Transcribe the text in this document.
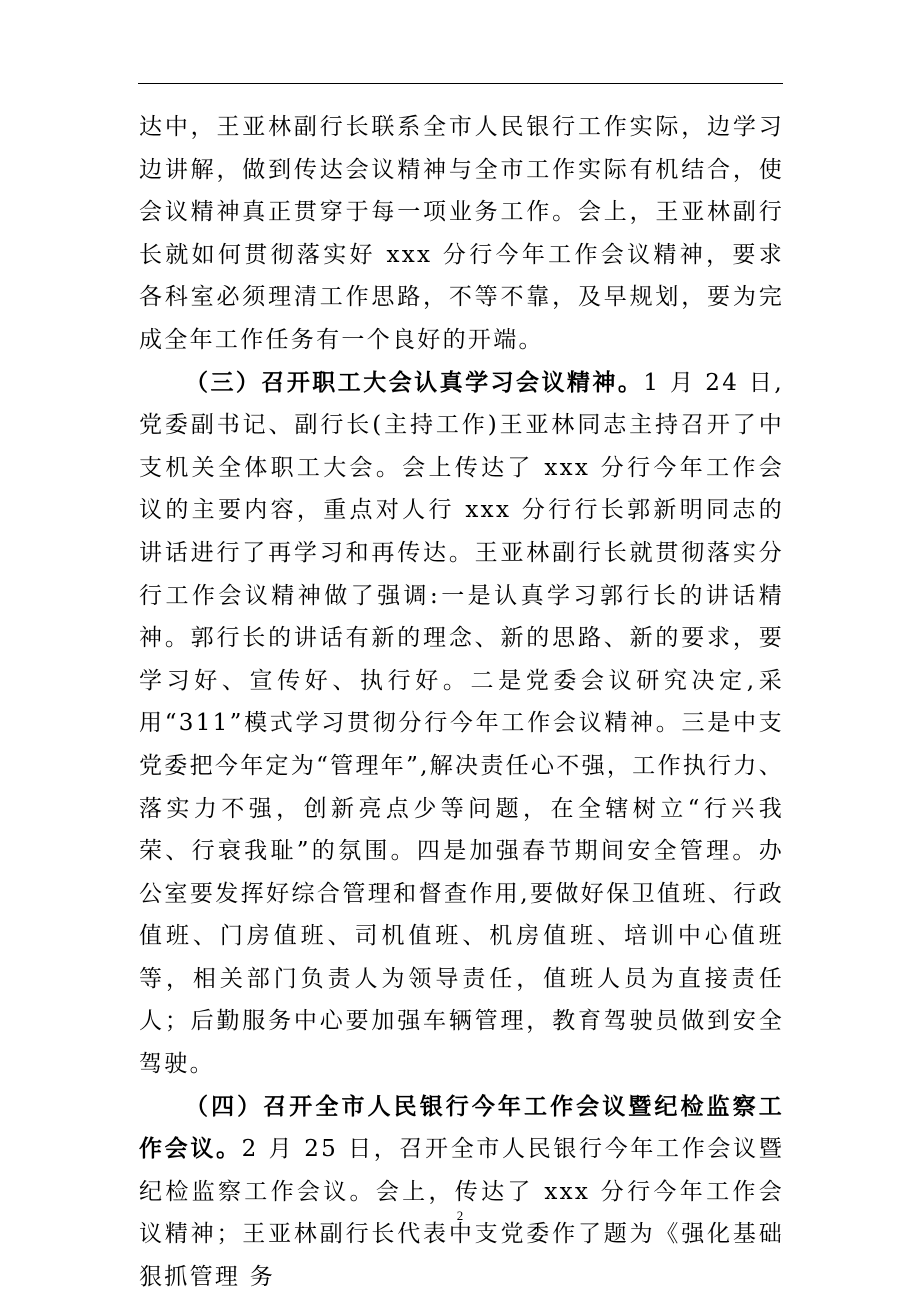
达中，王亚林副行长联系全市人民银行工作实际，边学习边讲解，做到传达会议精神与全市工作实际有机结合，使会议精神真正贯穿于每一项业务工作。会上，王亚林副行长就如何贯彻落实好 xxx 分行今年工作会议精神，要求各科室必须理清工作思路，不等不靠，及早规划，要为完成全年工作任务有一个良好的开端。

（三）召开职工大会认真学习会议精神。1 月 24 日,党委副书记、副行长(主持工作)王亚林同志主持召开了中支机关全体职工大会。会上传达了 xxx 分行今年工作会议的主要内容，重点对人行 xxx 分行行长郭新明同志的讲话进行了再学习和再传达。王亚林副行长就贯彻落实分行工作会议精神做了强调:一是认真学习郭行长的讲话精神。郭行长的讲话有新的理念、新的思路、新的要求，要学习好、宣传好、执行好。二是党委会议研究决定,采用“311”模式学习贯彻分行今年工作会议精神。三是中支党委把今年定为“管理年”,解决责任心不强，工作执行力、落实力不强，创新亮点少等问题，在全辖树立“行兴我荣、行衰我耻”的氛围。四是加强春节期间安全管理。办公室要发挥好综合管理和督查作用,要做好保卫值班、行政值班、门房值班、司机值班、机房值班、培训中心值班等，相关部门负责人为领导责任，值班人员为直接责任人；后勤服务中心要加强车辆管理，教育驾驶员做到安全驾驶。

（四）召开全市人民银行今年工作会议暨纪检监察工作会议。2 月 25 日，召开全市人民银行今年工作会议暨纪检监察工作会议。会上，传达了 xxx 分行今年工作会议精神；王亚林副行长代表中支党委作了题为《强化基础 狠抓管理 务

2
